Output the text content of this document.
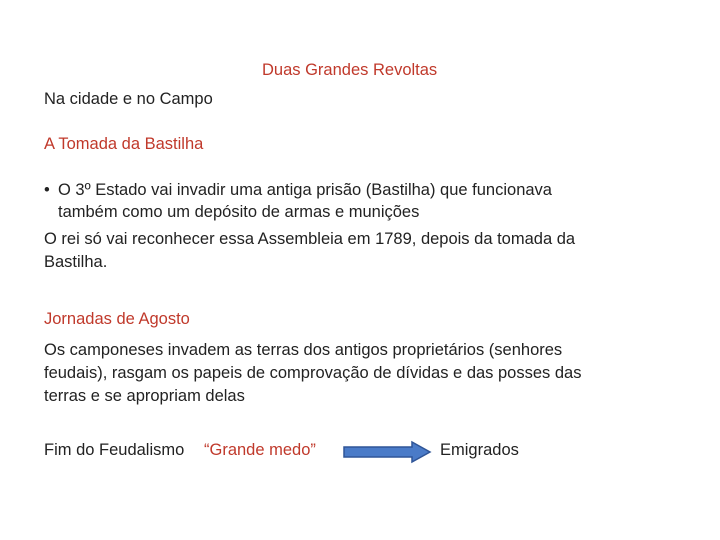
Duas Grandes Revoltas
Na cidade e no Campo
A Tomada da Bastilha
• O 3º Estado vai invadir uma antiga prisão (Bastilha) que funcionava
também como um depósito de armas e munições
O rei só vai reconhecer essa Assembleia em 1789, depois da tomada da
Bastilha.
Jornadas de Agosto
Os camponeses invadem as terras dos antigos proprietários (senhores
feudais), rasgam os papeis de comprovação de dívidas e das posses das
terras e se apropriam delas
Fim do Feudalismo “Grande medo”	Emigrados
